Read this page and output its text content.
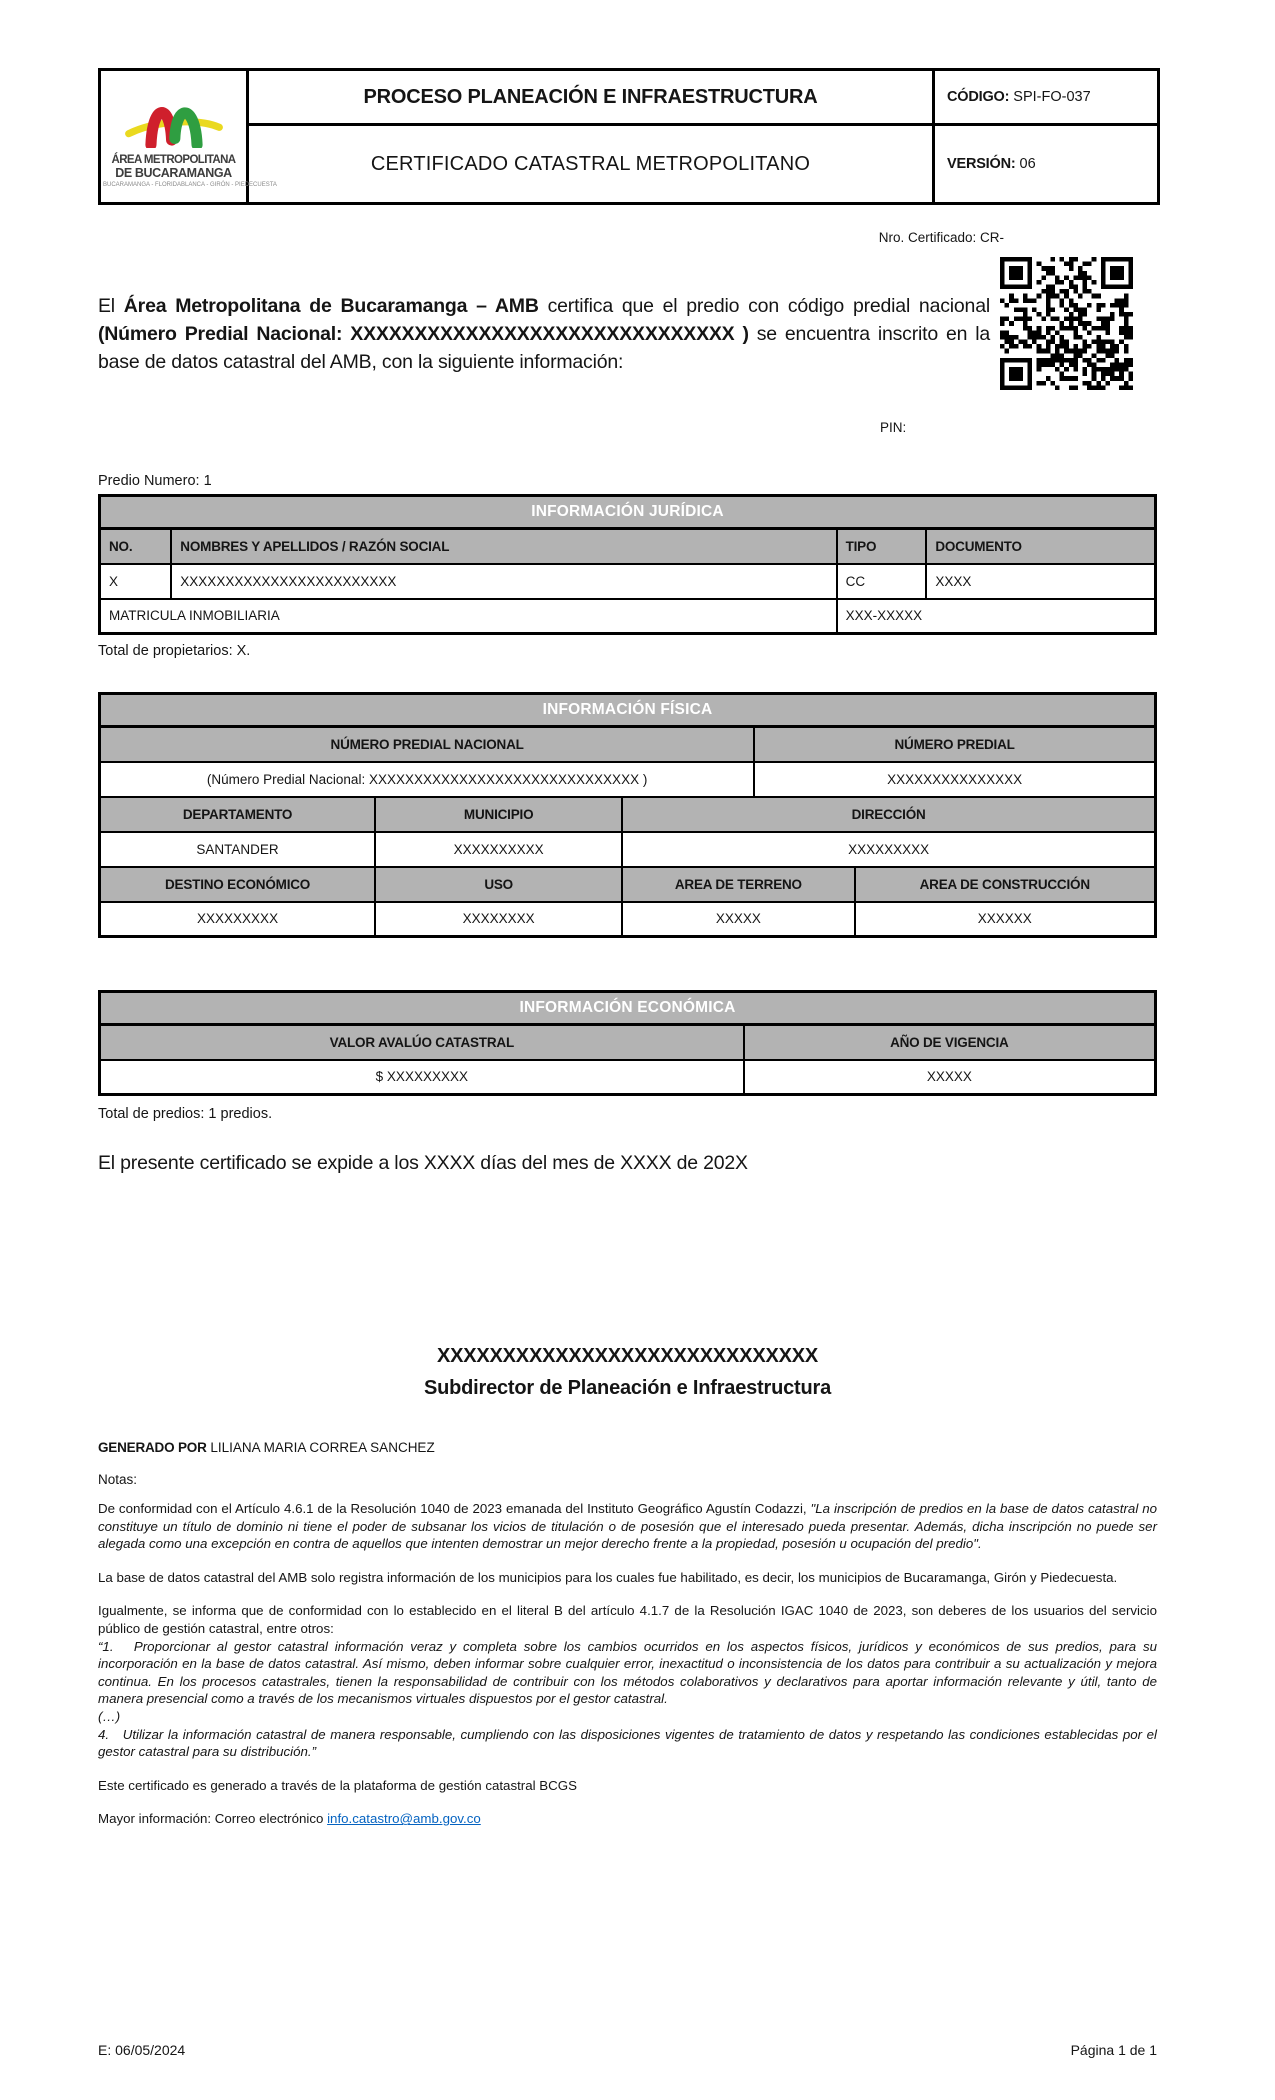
ÁREA METROPOLITANA
DE BUCARAMANGA
BUCARAMANGA - FLORIDABLANCA - GIRÓN - PIEDECUESTA	PROCESO PLANEACIÓN E INFRAESTRUCTURA	CÓDIGO: SPI-FO-037
	CERTIFICADO CATASTRAL METROPOLITANO	VERSIÓN: 06
Nro. Certificado: CR-

El Área Metropolitana de Bucaramanga – AMB certifica que el predio con código predial nacional (Número Predial Nacional: XXXXXXXXXXXXXXXXXXXXXXXXXXXXXX ) se encuentra inscrito en la base de datos catastral del AMB, con la siguiente información:

PIN:
Predio Numero: 1
INFORMACIÓN JURÍDICA			
NO.	NOMBRES Y APELLIDOS / RAZÓN SOCIAL	TIPO	DOCUMENTO
X	XXXXXXXXXXXXXXXXXXXXXXXX	CC	XXXX
MATRICULA INMOBILIARIA		XXX-XXXXX	
Total de propietarios: X.
INFORMACIÓN FÍSICA				
NÚMERO PREDIAL NACIONAL			NÚMERO PREDIAL	
(Número Predial Nacional: XXXXXXXXXXXXXXXXXXXXXXXXXXXXXX )			XXXXXXXXXXXXXXX	
DEPARTAMENTO	MUNICIPIO	DIRECCIÓN		
SANTANDER	XXXXXXXXXX	XXXXXXXXX		
DESTINO ECONÓMICO	USO	AREA DE TERRENO		AREA DE CONSTRUCCIÓN
XXXXXXXXX	XXXXXXXX	XXXXX		XXXXXX
INFORMACIÓN ECONÓMICA	
VALOR AVALÚO CATASTRAL	AÑO DE VIGENCIA
$ XXXXXXXXX	XXXXX
Total de predios: 1 predios.
El presente certificado se expide a los XXXX días del mes de XXXX de 202X
XXXXXXXXXXXXXXXXXXXXXXXXXXXXX
Subdirector de Planeación e Infraestructura
GENERADO POR LILIANA MARIA CORREA SANCHEZ
Notas:

De conformidad con el Artículo 4.6.1 de la Resolución 1040 de 2023 emanada del Instituto Geográfico Agustín Codazzi, "La inscripción de predios en la base de datos catastral no constituye un título de dominio ni tiene el poder de subsanar los vicios de titulación o de posesión que el interesado pueda presentar. Además, dicha inscripción no puede ser alegada como una excepción en contra de aquellos que intenten demostrar un mejor derecho frente a la propiedad, posesión u ocupación del predio".

La base de datos catastral del AMB solo registra información de los municipios para los cuales fue habilitado, es decir, los municipios de Bucaramanga, Girón y Piedecuesta.

Igualmente, se informa que de conformidad con lo establecido en el literal B del artículo 4.1.7 de la Resolución IGAC 1040 de 2023, son deberes de los usuarios del servicio público de gestión catastral, entre otros:

“1.   Proporcionar al gestor catastral información veraz y completa sobre los cambios ocurridos en los aspectos físicos, jurídicos y económicos de sus predios, para su incorporación en la base de datos catastral. Así mismo, deben informar sobre cualquier error, inexactitud o inconsistencia de los datos para contribuir a su actualización y mejora continua. En los procesos catastrales, tienen la responsabilidad de contribuir con los métodos colaborativos y declarativos para aportar información relevante y útil, tanto de manera presencial como a través de los mecanismos virtuales dispuestos por el gestor catastral.

(…)

4.   Utilizar la información catastral de manera responsable, cumpliendo con las disposiciones vigentes de tratamiento de datos y respetando las condiciones establecidas por el gestor catastral para su distribución.”

Este certificado es generado a través de la plataforma de gestión catastral BCGS

Mayor información: Correo electrónico info.catastro@amb.gov.co

E: 06/05/2024	Página 1 de 1
